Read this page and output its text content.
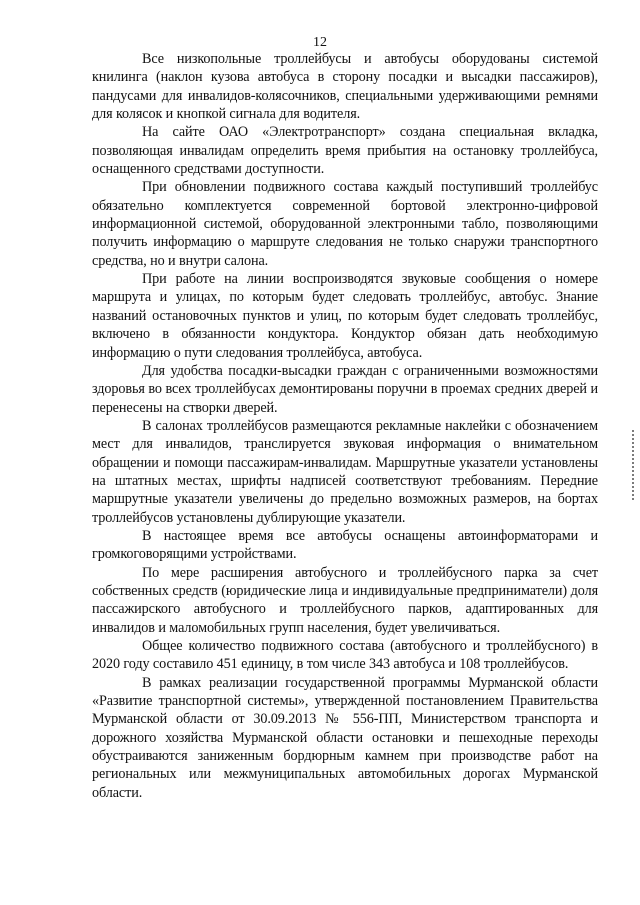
12

Все низкопольные троллейбусы и автобусы оборудованы системой книлинга (наклон кузова автобуса в сторону посадки и высадки пассажиров), пандусами для инвалидов-колясочников, специальными удерживающими ремнями для колясок и кнопкой сигнала для водителя.

На сайте ОАО «Электротранспорт» создана специальная вкладка, позволяющая инвалидам определить время прибытия на остановку троллейбуса, оснащенного средствами доступности.

При обновлении подвижного состава каждый поступивший троллейбус обязательно комплектуется современной бортовой электронно-цифровой информационной системой, оборудованной электронными табло, позволяющими получить информацию о маршруте следования не только снаружи транспортного средства, но и внутри салона.

При работе на линии воспроизводятся звуковые сообщения о номере маршрута и улицах, по которым будет следовать троллейбус, автобус. Знание названий остановочных пунктов и улиц, по которым будет следовать троллейбус, включено в обязанности кондуктора. Кондуктор обязан дать необходимую информацию о пути следования троллейбуса, автобуса.

Для удобства посадки-высадки граждан с ограниченными возможностями здоровья во всех троллейбусах демонтированы поручни в проемах средних дверей и перенесены на створки дверей.

В салонах троллейбусов размещаются рекламные наклейки с обозначением мест для инвалидов, транслируется звуковая информация о внимательном обращении и помощи пассажирам-инвалидам. Маршрутные указатели установлены на штатных местах, шрифты надписей соответствуют требованиям. Передние маршрутные указатели увеличены до предельно возможных размеров, на бортах троллейбусов установлены дублирующие указатели.

В настоящее время все автобусы оснащены автоинформаторами и громкоговорящими устройствами.

По мере расширения автобусного и троллейбусного парка за счет собственных средств (юридические лица и индивидуальные предприниматели) доля пассажирского автобусного и троллейбусного парков, адаптированных для инвалидов и маломобильных групп населения, будет увеличиваться.

Общее количество подвижного состава (автобусного и троллейбусного) в 2020 году составило 451 единицу, в том числе 343 автобуса и 108 троллейбусов.

В рамках реализации государственной программы Мурманской области «Развитие транспортной системы», утвержденной постановлением Правительства Мурманской области от 30.09.2013 № 556-ПП, Министерством транспорта и дорожного хозяйства Мурманской области остановки и пешеходные переходы обустраиваются заниженным бордюрным камнем при производстве работ на региональных или межмуниципальных автомобильных дорогах Мурманской области.
